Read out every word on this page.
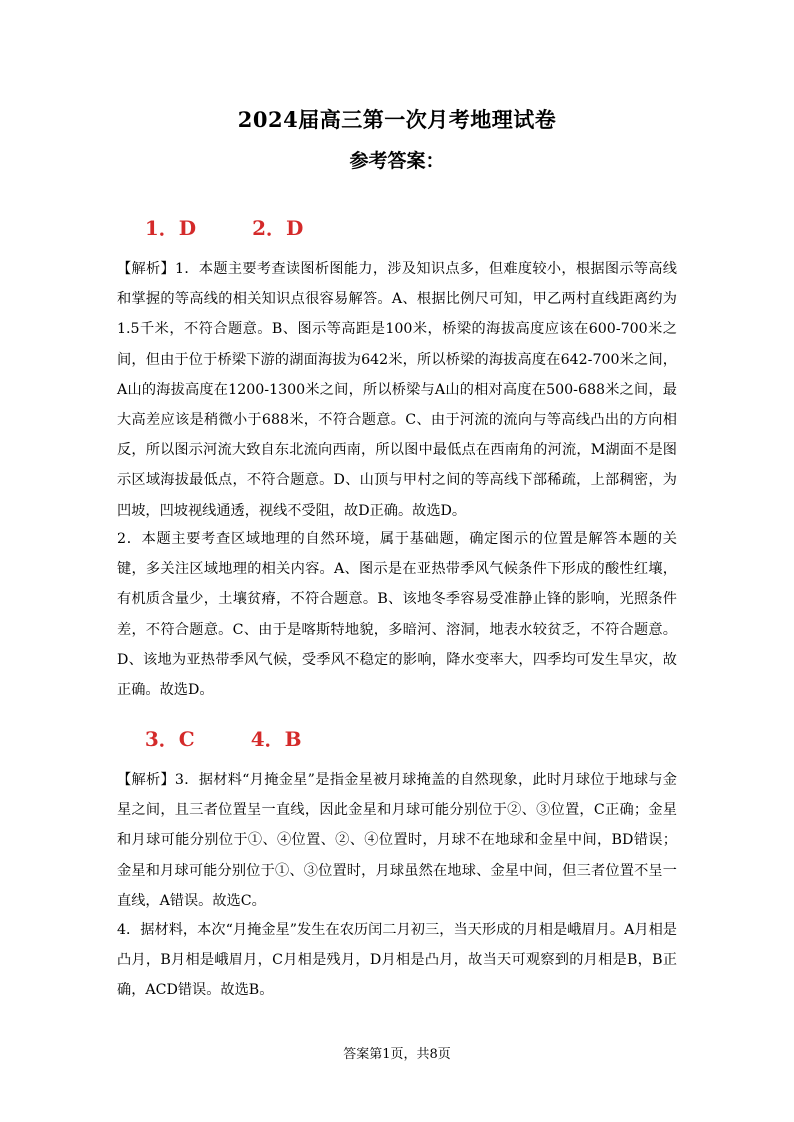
2024届高三第一次月考地理试卷
参考答案：

1．D	2．D

【解析】1．本题主要考查读图析图能力，涉及知识点多，但难度较小，根据图示等高线和掌握的等高线的相关知识点很容易解答。A、根据比例尺可知，甲乙两村直线距离约为1.5千米，不符合题意。B、图示等高距是100米，桥梁的海拔高度应该在600-700米之间，但由于位于桥梁下游的湖面海拔为642米，所以桥梁的海拔高度在642-700米之间，A山的海拔高度在1200-1300米之间，所以桥梁与A山的相对高度在500-688米之间，最大高差应该是稍微小于688米，不符合题意。C、由于河流的流向与等高线凸出的方向相反，所以图示河流大致自东北流向西南，所以图中最低点在西南角的河流，M湖面不是图示区域海拔最低点，不符合题意。D、山顶与甲村之间的等高线下部稀疏，上部稠密，为凹坡，凹坡视线通透，视线不受阻，故D正确。故选D。
2．本题主要考查区域地理的自然环境，属于基础题，确定图示的位置是解答本题的关键，多关注区域地理的相关内容。A、图示是在亚热带季风气候条件下形成的酸性红壤，有机质含量少，土壤贫瘠，不符合题意。B、该地冬季容易受准静止锋的影响，光照条件差，不符合题意。C、由于是喀斯特地貌，多暗河、溶洞，地表水较贫乏，不符合题意。D、该地为亚热带季风气候，受季风不稳定的影响，降水变率大，四季均可发生旱灾，故正确。故选D。

3．C	4．B

【解析】3．据材料“月掩金星”是指金星被月球掩盖的自然现象，此时月球位于地球与金星之间，且三者位置呈一直线，因此金星和月球可能分别位于②、③位置，C正确；金星和月球可能分别位于①、④位置、②、④位置时，月球不在地球和金星中间，BD错误；金星和月球可能分别位于①、③位置时，月球虽然在地球、金星中间，但三者位置不呈一直线，A错误。故选C。
4．据材料，本次“月掩金星”发生在农历闰二月初三，当天形成的月相是峨眉月。A月相是凸月，B月相是峨眉月，C月相是残月，D月相是凸月，故当天可观察到的月相是B，B正确，ACD错误。故选B。
答案第1页，共8页
